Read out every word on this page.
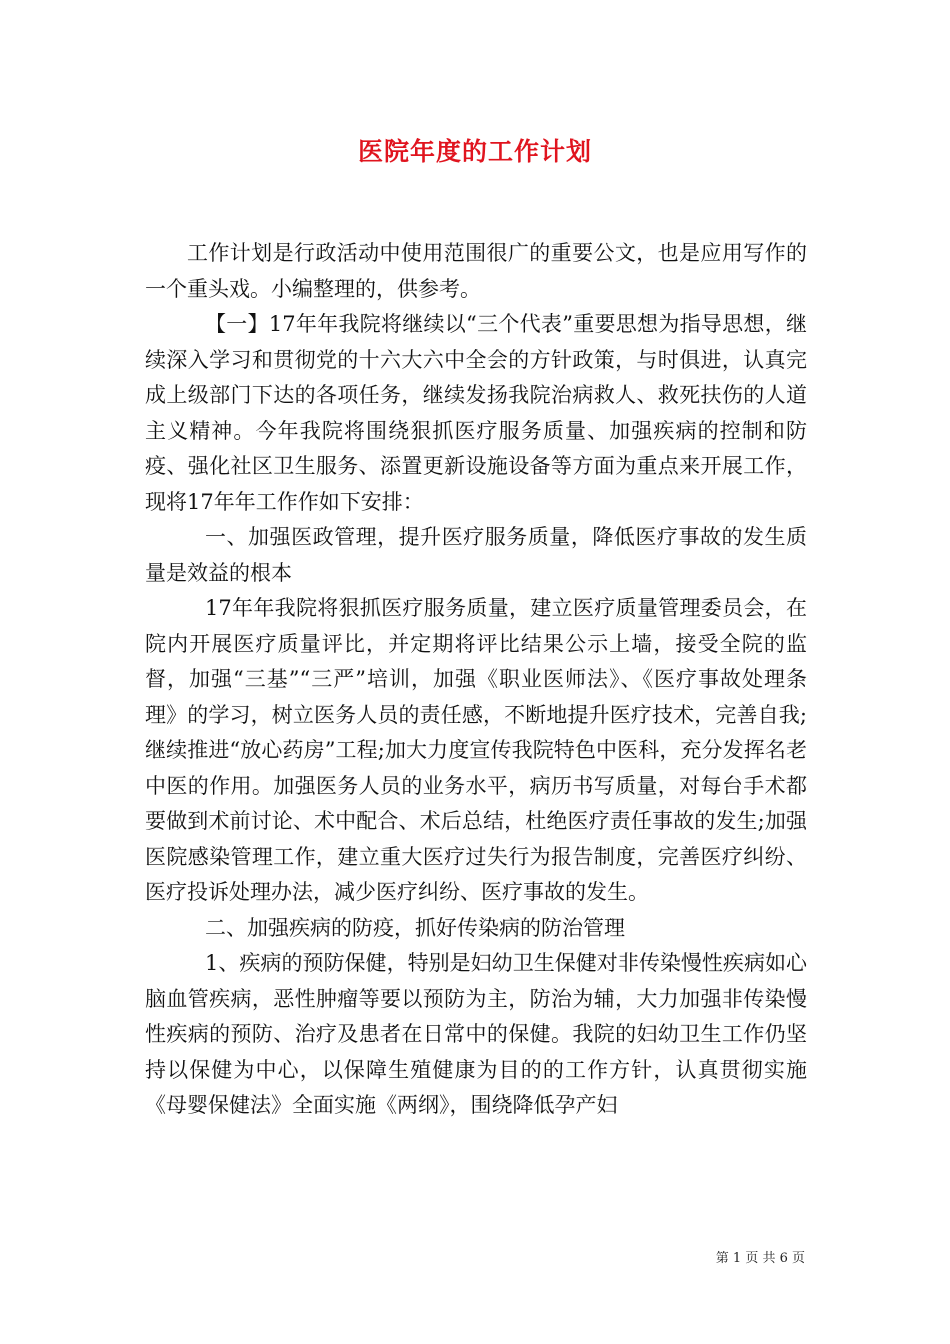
医院年度的工作计划

工作计划是行政活动中使用范围很广的重要公文，也是应用写作的一个重头戏。小编整理的，供参考。

【一】17年年我院将继续以“三个代表”重要思想为指导思想，继续深入学习和贯彻党的十六大六中全会的方针政策，与时俱进，认真完成上级部门下达的各项任务，继续发扬我院治病救人、救死扶伤的人道主义精神。今年我院将围绕狠抓医疗服务质量、加强疾病的控制和防疫、强化社区卫生服务、添置更新设施设备等方面为重点来开展工作，现将17年年工作作如下安排：

一、加强医政管理，提升医疗服务质量，降低医疗事故的发生质量是效益的根本

17年年我院将狠抓医疗服务质量，建立医疗质量管理委员会，在院内开展医疗质量评比，并定期将评比结果公示上墙，接受全院的监督，加强“三基”“三严”培训，加强《职业医师法》、《医疗事故处理条理》的学习，树立医务人员的责任感，不断地提升医疗技术，完善自我;继续推进“放心药房”工程;加大力度宣传我院特色中医科，充分发挥名老中医的作用。加强医务人员的业务水平，病历书写质量，对每台手术都要做到术前讨论、术中配合、术后总结，杜绝医疗责任事故的发生;加强医院感染管理工作，建立重大医疗过失行为报告制度，完善医疗纠纷、医疗投诉处理办法，减少医疗纠纷、医疗事故的发生。

二、加强疾病的防疫，抓好传染病的防治管理

1、疾病的预防保健，特别是妇幼卫生保健对非传染慢性疾病如心脑血管疾病，恶性肿瘤等要以预防为主，防治为辅，大力加强非传染慢性疾病的预防、治疗及患者在日常中的保健。我院的妇幼卫生工作仍坚持以保健为中心，以保障生殖健康为目的的工作方针，认真贯彻实施《母婴保健法》全面实施《两纲》，围绕降低孕产妇

第 1 页 共 6 页
